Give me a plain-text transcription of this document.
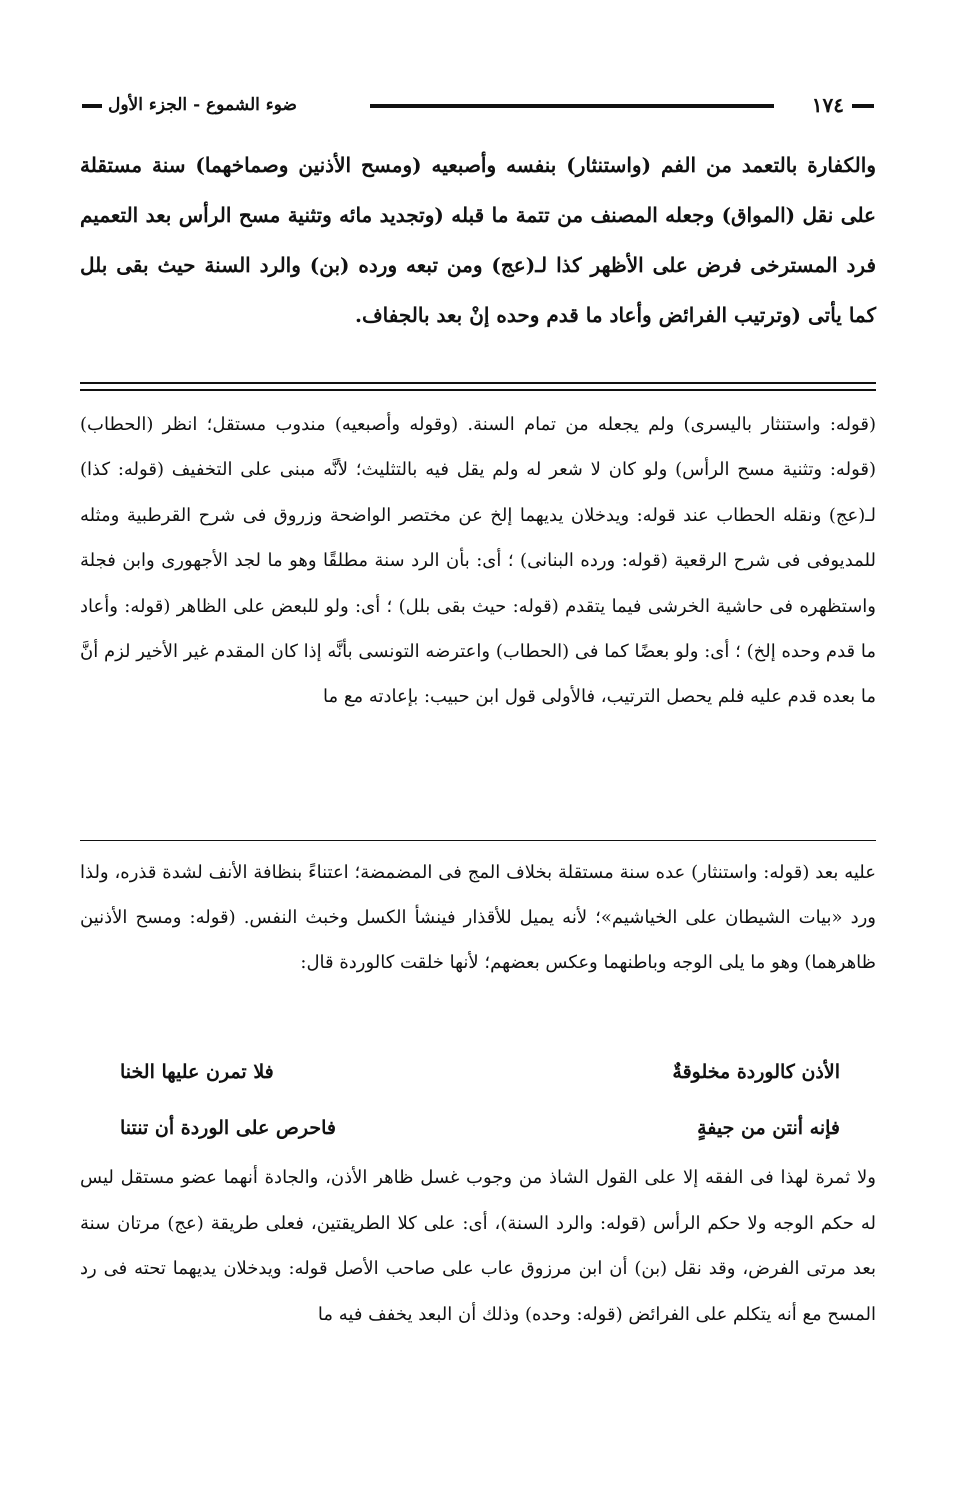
١٧٤
ضوء الشموع - الجزء الأول

والكفارة بالتعمد من الفم (واستنثار) بنفسه وأصبعيه (ومسح الأذنين وصماخهما) سنة مستقلة على نقل (المواق) وجعله المصنف من تتمة ما قبله (وتجديد مائه وتثنية مسح الرأس بعد التعميم فرد المسترخى فرض على الأظهر كذا لـ(عج) ومن تبعه ورده (بن) والرد السنة حيث بقى بلل كما يأتى (وترتيب الفرائض وأعاد ما قدم وحده إنْ بعد بالجفاف.

(قوله: واستنثار باليسرى) ولم يجعله من تمام السنة. (وقوله وأصبعيه) مندوب مستقل؛ انظر (الحطاب) (قوله: وتثنية مسح الرأس) ولو كان لا شعر له ولم يقل فيه بالتثليث؛ لأنَّه مبنى على التخفيف (قوله: كذا) لـ(عج) ونقله الحطاب عند قوله: ويدخلان يديهما إلخ عن مختصر الواضحة وزروق فى شرح القرطبية ومثله للمديوفى فى شرح الرقعية (قوله: ورده البنانى) ؛ أى: بأن الرد سنة مطلقًا وهو ما لجد الأجهورى وابن فجلة واستظهره فى حاشية الخرشى فيما يتقدم (قوله: حيث بقى بلل) ؛ أى: ولو للبعض على الظاهر (قوله: وأعاد ما قدم وحده إلخ) ؛ أى: ولو بعضًا كما فى (الحطاب) واعترضه التونسى بأنَّه إذا كان المقدم غير الأخير لزم أنَّ ما بعده قدم عليه فلم يحصل الترتيب، فالأولى قول ابن حبيب: بإعادته مع ما

عليه بعد (قوله: واستنثار) عده سنة مستقلة بخلاف المج فى المضمضة؛ اعتناءً بنظافة الأنف لشدة قذره، ولذا ورد «بيات الشيطان على الخياشيم»؛ لأنه يميل للأقذار فينشأ الكسل وخبث النفس. (قوله: ومسح الأذنين ظاهرهما) وهو ما يلى الوجه وباطنهما وعكس بعضهم؛ لأنها خلقت كالوردة قال:

الأذن كالوردة مخلوقةٌ
فلا تمرن عليها الخنا
فإنه أنتن من جيفةٍ
فاحرص على الوردة أن تنتنا

ولا ثمرة لهذا فى الفقه إلا على القول الشاذ من وجوب غسل ظاهر الأذن، والجادة أنهما عضو مستقل ليس له حكم الوجه ولا حكم الرأس (قوله: والرد السنة)، أى: على كلا الطريقتين، فعلى طريقة (عج) مرتان سنة بعد مرتى الفرض، وقد نقل (بن) أن ابن مرزوق عاب على صاحب الأصل قوله: ويدخلان يديهما تحته فى رد المسح مع أنه يتكلم على الفرائض (قوله: وحده) وذلك أن البعد يخفف فيه ما
